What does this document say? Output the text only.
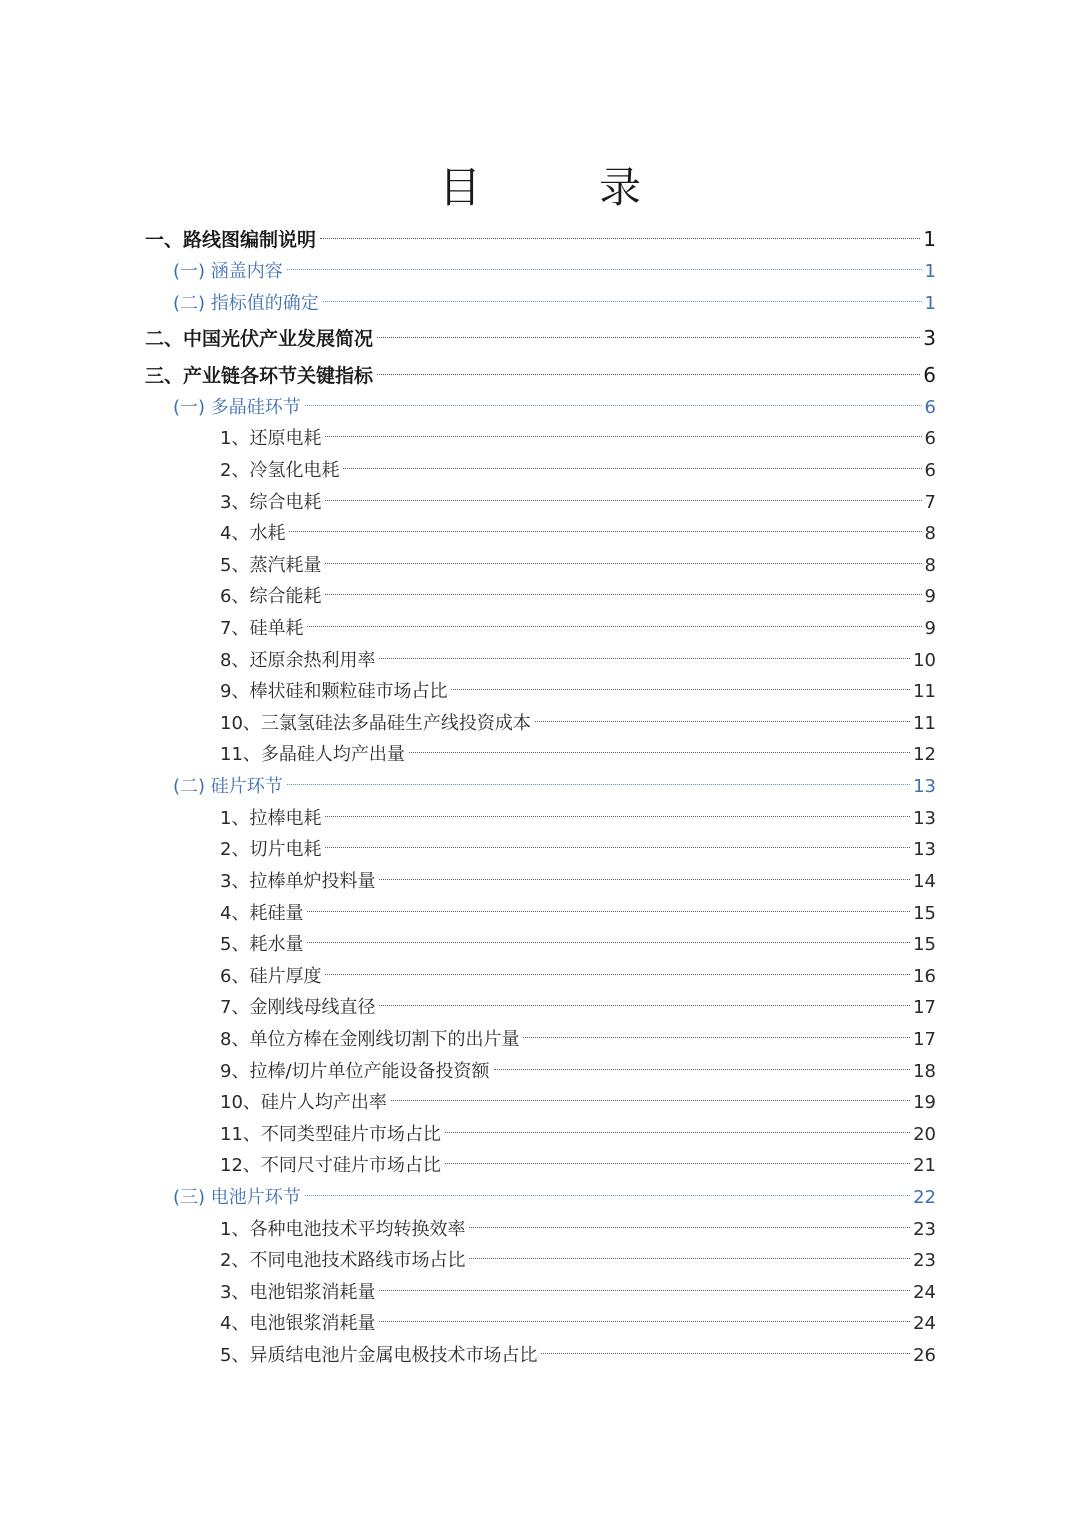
目　录
一、路线图编制说明	1
(一) 涵盖内容	1
(二) 指标值的确定	1
二、中国光伏产业发展简况	3
三、产业链各环节关键指标	6
(一) 多晶硅环节	6
1、还原电耗	6
2、冷氢化电耗	6
3、综合电耗	7
4、水耗	8
5、蒸汽耗量	8
6、综合能耗	9
7、硅单耗	9
8、还原余热利用率	10
9、棒状硅和颗粒硅市场占比	11
10、三氯氢硅法多晶硅生产线投资成本	11
11、多晶硅人均产出量	12
(二) 硅片环节	13
1、拉棒电耗	13
2、切片电耗	13
3、拉棒单炉投料量	14
4、耗硅量	15
5、耗水量	15
6、硅片厚度	16
7、金刚线母线直径	17
8、单位方棒在金刚线切割下的出片量	17
9、拉棒/切片单位产能设备投资额	18
10、硅片人均产出率	19
11、不同类型硅片市场占比	20
12、不同尺寸硅片市场占比	21
(三) 电池片环节	22
1、各种电池技术平均转换效率	23
2、不同电池技术路线市场占比	23
3、电池铝浆消耗量	24
4、电池银浆消耗量	24
5、异质结电池片金属电极技术市场占比	26
